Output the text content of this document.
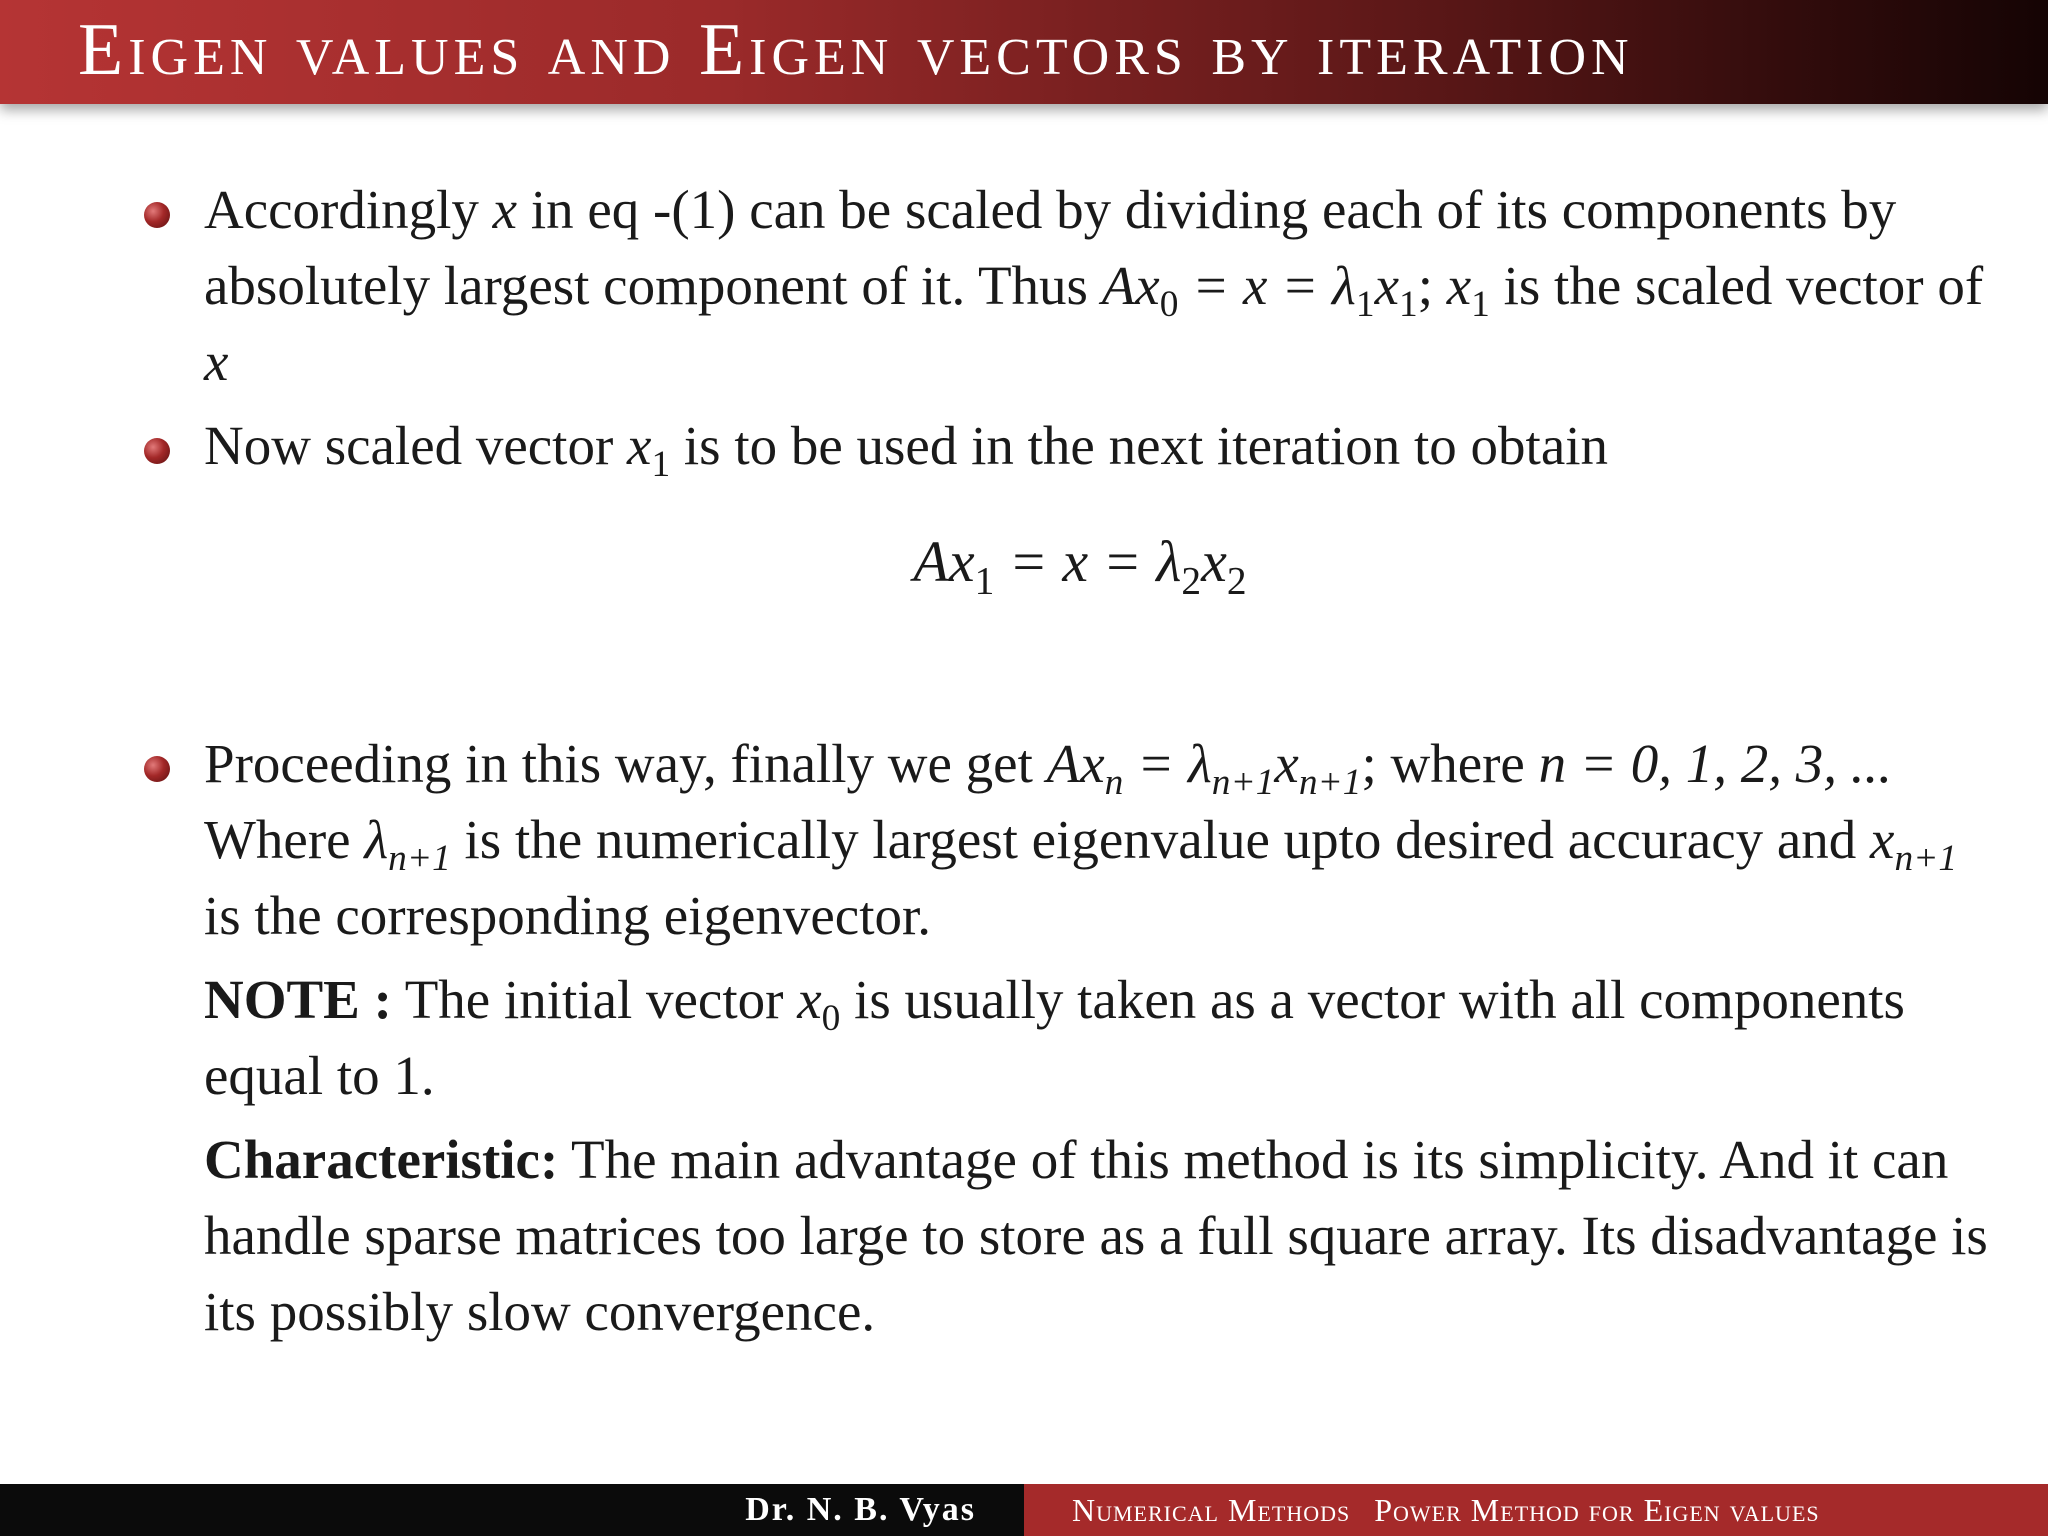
Eigen values and Eigen vectors by iteration
Accordingly x in eq -(1) can be scaled by dividing each of its components by absolutely largest component of it. Thus $Ax_0 = x = \lambda_1x_1$; $x_1$ is the scaled vector of x
Now scaled vector $x_1$ is to be used in the next iteration to obtain
$Ax_1 = x = \lambda_2x_2$
Proceeding in this way, finally we get $Ax_n = \lambda_{n+1}x_{n+1}$; where n = 0, 1, 2, 3, ... Where $\lambda_{n+1}$ is the numerically largest eigenvalue upto desired accuracy and $x_{n+1}$ is the corresponding eigenvector.
NOTE : The initial vector $x_0$ is usually taken as a vector with all components equal to 1.
Characteristic: The main advantage of this method is its simplicity. And it can handle sparse matrices too large to store as a full square array. Its disadvantage is its possibly slow convergence.
Dr. N. B. Vyas	Numerical Methods Power Method for Eigen values
